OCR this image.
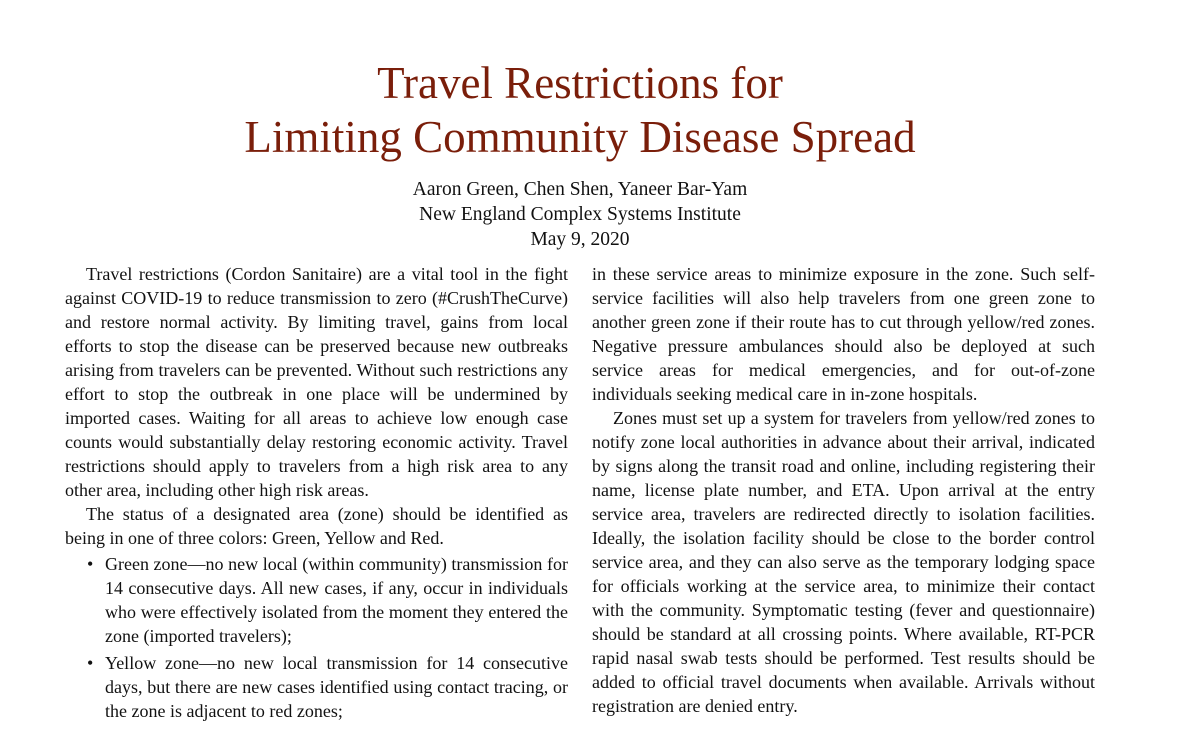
Travel Restrictions for
Limiting Community Disease Spread
Aaron Green, Chen Shen, Yaneer Bar-Yam
New England Complex Systems Institute
May 9, 2020

Travel restrictions (Cordon Sanitaire) are a vital tool in the fight against COVID-19 to reduce transmission to zero (#CrushTheCurve) and restore normal activity. By limiting travel, gains from local efforts to stop the disease can be preserved because new outbreaks arising from travelers can be prevented. Without such restrictions any effort to stop the outbreak in one place will be undermined by imported cases. Waiting for all areas to achieve low enough case counts would substantially delay restoring economic activity. Travel restrictions should apply to travelers from a high risk area to any other area, including other high risk areas.

The status of a designated area (zone) should be identified as being in one of three colors: Green, Yellow and Red.

• Green zone—no new local (within community) transmission for 14 consecutive days. All new cases, if any, occur in individuals who were effectively isolated from the moment they entered the zone (imported travelers);
• Yellow zone—no new local transmission for 14 consecutive days, but there are new cases identified using contact tracing, or the zone is adjacent to red zones;

in these service areas to minimize exposure in the zone. Such self-service facilities will also help travelers from one green zone to another green zone if their route has to cut through yellow/red zones. Negative pressure ambulances should also be deployed at such service areas for medical emergencies, and for out-of-zone individuals seeking medical care in in-zone hospitals.

Zones must set up a system for travelers from yellow/red zones to notify zone local authorities in advance about their arrival, indicated by signs along the transit road and online, including registering their name, license plate number, and ETA. Upon arrival at the entry service area, travelers are redirected directly to isolation facilities. Ideally, the isolation facility should be close to the border control service area, and they can also serve as the temporary lodging space for officials working at the service area, to minimize their contact with the community. Symptomatic testing (fever and questionnaire) should be standard at all crossing points. Where available, RT-PCR rapid nasal swab tests should be performed. Test results should be added to official travel documents when available. Arrivals without registration are denied entry.
